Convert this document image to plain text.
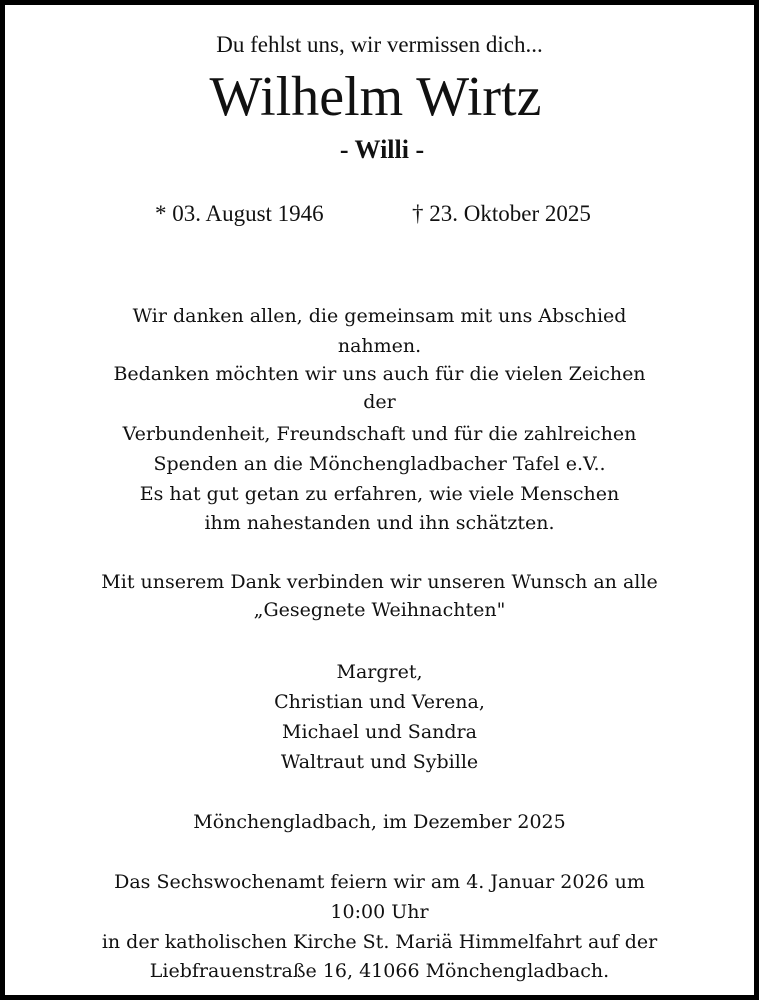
Du fehlst uns, wir vermissen dich...
Wilhelm Wirtz
- Willi -
* 03. August 1946	† 23. Oktober 2025
Wir danken allen, die gemeinsam mit uns Abschied
nahmen.
Bedanken möchten wir uns auch für die vielen Zeichen
der
Verbundenheit, Freundschaft und für die zahlreichen
Spenden an die Mönchengladbacher Tafel e.V..
Es hat gut getan zu erfahren, wie viele Menschen
ihm nahestanden und ihn schätzten.
Mit unserem Dank verbinden wir unseren Wunsch an alle
„Gesegnete Weihnachten"
Margret,
Christian und Verena,
Michael und Sandra
Waltraut und Sybille
Mönchengladbach, im Dezember 2025
Das Sechswochenamt feiern wir am 4. Januar 2026 um
10:00 Uhr
in der katholischen Kirche St. Mariä Himmelfahrt auf der
Liebfrauenstraße 16, 41066 Mönchengladbach.
